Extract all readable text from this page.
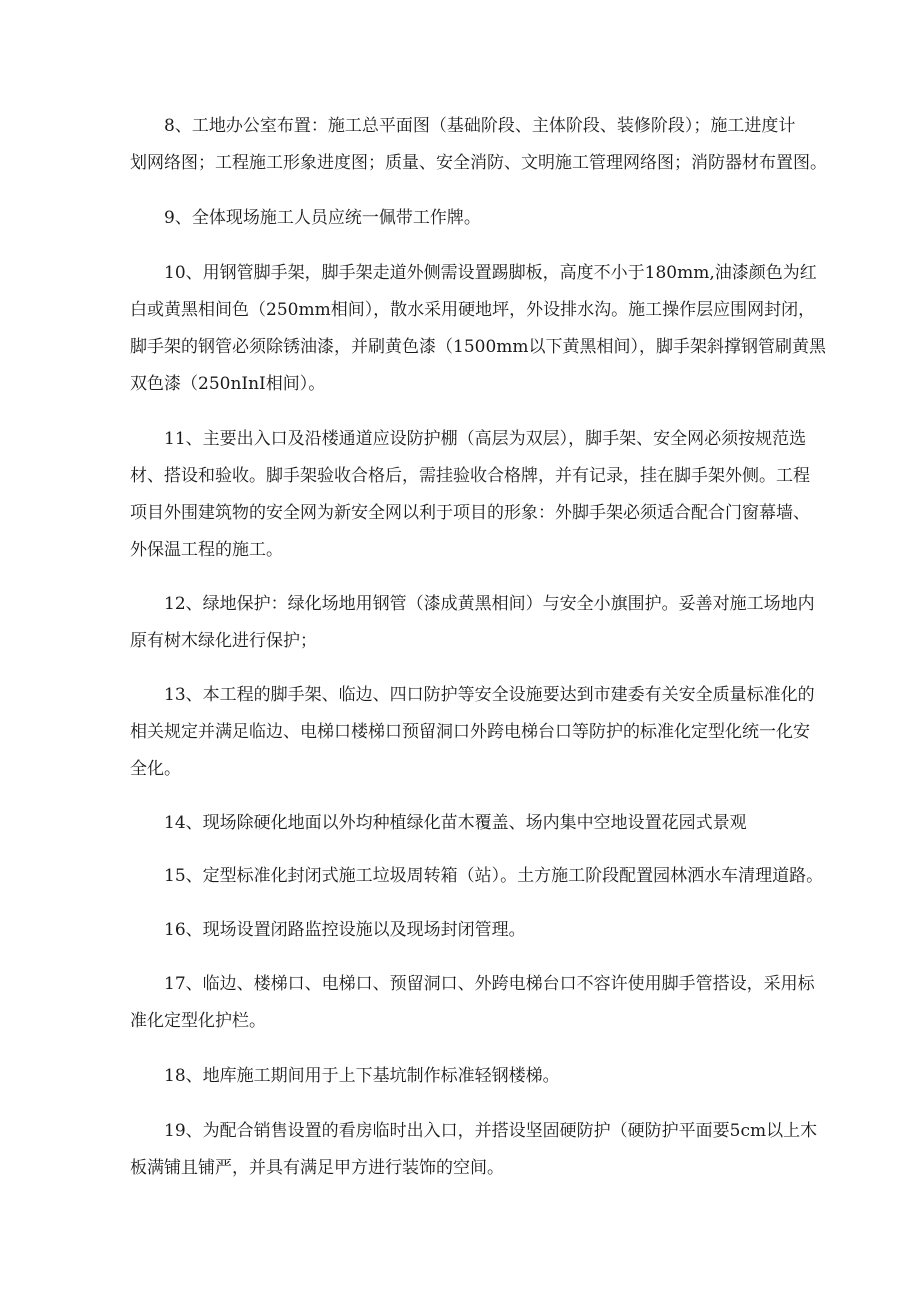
8、工地办公室布置：施工总平面图（基础阶段、主体阶段、装修阶段）；施工进度计
划网络图；工程施工形象进度图；质量、安全消防、文明施工管理网络图；消防器材布置图。
9、全体现场施工人员应统一佩带工作牌。
10、用钢管脚手架，脚手架走道外侧需设置踢脚板，高度不小于180mm,油漆颜色为红
白或黄黑相间色（250mm相间），散水采用硬地坪，外设排水沟。施工操作层应围网封闭，
脚手架的钢管必须除锈油漆，并刷黄色漆（1500mm以下黄黑相间），脚手架斜撑钢管刷黄黑
双色漆（250nInI相间）。
11、主要出入口及沿楼通道应设防护棚（高层为双层），脚手架、安全网必须按规范选
材、搭设和验收。脚手架验收合格后，需挂验收合格牌，并有记录，挂在脚手架外侧。工程
项目外围建筑物的安全网为新安全网以利于项目的形象：外脚手架必须适合配合门窗幕墙、
外保温工程的施工。
12、绿地保护：绿化场地用钢管（漆成黄黑相间）与安全小旗围护。妥善对施工场地内
原有树木绿化进行保护；
13、本工程的脚手架、临边、四口防护等安全设施要达到市建委有关安全质量标准化的
相关规定并满足临边、电梯口楼梯口预留洞口外跨电梯台口等防护的标准化定型化统一化安
全化。
14、现场除硬化地面以外均种植绿化苗木覆盖、场内集中空地设置花园式景观
15、定型标准化封闭式施工垃圾周转箱（站）。土方施工阶段配置园林洒水车清理道路。
16、现场设置闭路监控设施以及现场封闭管理。
17、临边、楼梯口、电梯口、预留洞口、外跨电梯台口不容许使用脚手管搭设，采用标
准化定型化护栏。
18、地库施工期间用于上下基坑制作标准轻钢楼梯。
19、为配合销售设置的看房临时出入口，并搭设坚固硬防护（硬防护平面要5cm以上木
板满铺且铺严，并具有满足甲方进行装饰的空间。
